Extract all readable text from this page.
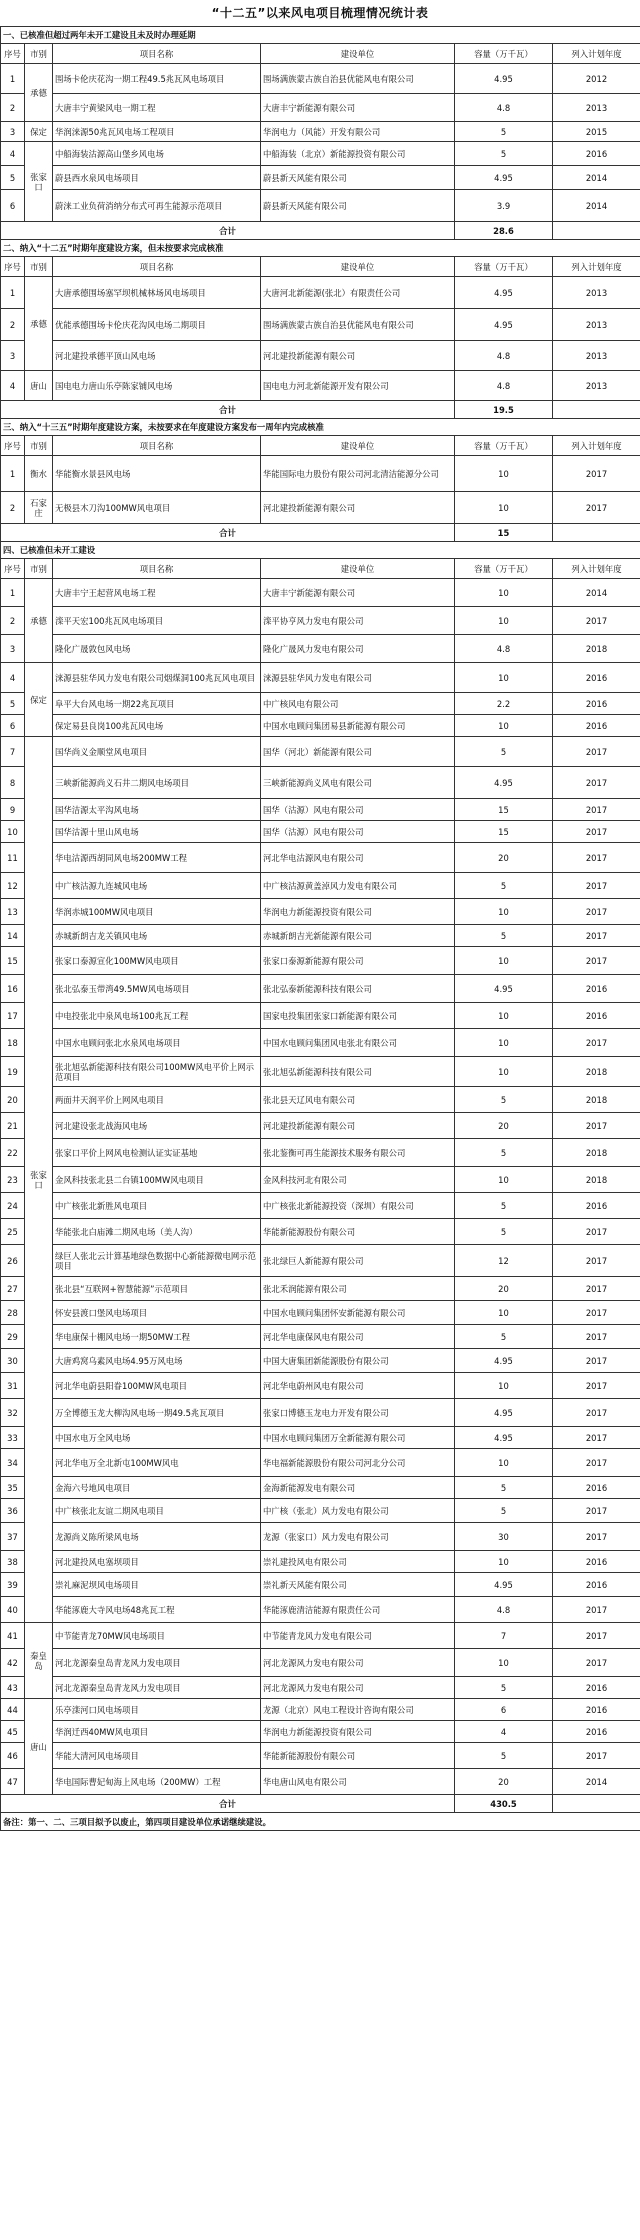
“十二五”以来风电项目梳理情况统计表
一、已核准但超过两年未开工建设且未及时办理延期					
序号	市别	项目名称	建设单位	容量（万千瓦）	列入计划年度
1	承德	围场卡伦庆花沟一期工程49.5兆瓦风电场项目	围场满族蒙古族自治县优能风电有限公司	4.95	2012
2		大唐丰宁黄梁风电一期工程	大唐丰宁新能源有限公司	4.8	2013
3	保定	华润涞源50兆瓦风电场工程项目	华润电力（风能）开发有限公司	5	2015
4	张家口	中船海装沽源高山堡乡风电场	中船海装（北京）新能源投资有限公司	5	2016
5		蔚县西水泉风电场项目	蔚县新天风能有限公司	4.95	2014
6		蔚涞工业负荷消纳分布式可再生能源示范项目	蔚县新天风能有限公司	3.9	2014
合计				28.6	
二、纳入“十二五”时期年度建设方案，但未按要求完成核准					
序号	市别	项目名称	建设单位	容量（万千瓦）	列入计划年度
1	承德	大唐承德围场塞罕坝机械林场风电场项目	大唐河北新能源(张北）有限责任公司	4.95	2013
2		优能承德围场卡伦庆花沟风电场二期项目	围场满族蒙古族自治县优能风电有限公司	4.95	2013
3		河北建投承德平顶山风电场	河北建投新能源有限公司	4.8	2013
4	唐山	国电电力唐山乐亭陈家铺风电场	国电电力河北新能源开发有限公司	4.8	2013
合计				19.5	
三、纳入“十三五”时期年度建设方案，未按要求在年度建设方案发布一周年内完成核准					
序号	市别	项目名称	建设单位	容量（万千瓦）	列入计划年度
1	衡水	华能衡水景县风电场	华能国际电力股份有限公司河北清洁能源分公司	10	2017
2	石家庄	无极县木刀沟100MW风电项目	河北建投新能源有限公司	10	2017
合计				15	
四、已核准但未开工建设					
序号	市别	项目名称	建设单位	容量（万千瓦）	列入计划年度
1	承德	大唐丰宁王起营风电场工程	大唐丰宁新能源有限公司	10	2014
2		滦平天宏100兆瓦风电场项目	滦平协亨风力发电有限公司	10	2017
3		隆化广晟敦包风电场	隆化广晟风力发电有限公司	4.8	2018
4	保定	涞源县驻华风力发电有限公司烟煤洞100兆瓦风电项目	涞源县驻华风力发电有限公司	10	2016
5		阜平大台风电场一期22兆瓦项目	中广核风电有限公司	2.2	2016
6		保定易县良岗100兆瓦风电场	中国水电顾问集团易县新能源有限公司	10	2016
7	张家口	国华尚义金顺堂风电项目	国华（河北）新能源有限公司	5	2017
8		三峡新能源尚义石井二期风电场项目	三峡新能源尚义风电有限公司	4.95	2017
9		国华洁源太平沟风电场	国华（沽源）风电有限公司	15	2017
10		国华沽源十里山风电场	国华（沽源）风电有限公司	15	2017
11		华电沽源西胡同风电场200MW工程	河北华电沽源风电有限公司	20	2017
12		中广核沽源九连城风电场	中广核沽源黄盖淖风力发电有限公司	5	2017
13		华润赤城100MW风电项目	华润电力新能源投资有限公司	10	2017
14		赤城新朗吉龙关镇风电场	赤城新朗吉光新能源有限公司	5	2017
15		张家口泰源宣化100MW风电项目	张家口泰源新能源有限公司	10	2017
16		张北弘泰玉带湾49.5MW风电场项目	张北弘泰新能源科技有限公司	4.95	2016
17		中电投张北中泉风电场100兆瓦工程	国家电投集团张家口新能源有限公司	10	2016
18		中国水电顾问张北水泉风电场项目	中国水电顾问集团风电张北有限公司	10	2017
19		张北旭弘新能源科技有限公司100MW风电平价上网示范项目	张北旭弘新能源科技有限公司	10	2018
20		两面井天润平价上网风电项目	张北县天辽风电有限公司	5	2018
21		河北建设张北战海风电场	河北建投新能源有限公司	20	2017
22		张家口平价上网风电检测认证实证基地	张北鉴衡可再生能源技术服务有限公司	5	2018
23		金风科技张北县二台镇100MW风电项目	金风科技河北有限公司	10	2018
24		中广核张北新胜风电项目	中广核张北新能源投资（深圳）有限公司	5	2016
25		华能张北白庙滩二期风电场（美人沟）	华能新能源股份有限公司	5	2017
26		绿巨人张北云计算基地绿色数据中心新能源微电网示范项目	张北绿巨人新能源有限公司	12	2017
27		张北县“互联网+智慧能源”示范项目	张北禾润能源有限公司	20	2017
28		怀安县渡口堡风电场项目	中国水电顾问集团怀安新能源有限公司	10	2017
29		华电康保十棚风电场一期50MW工程	河北华电康保风电有限公司	5	2017
30		大唐鸡窝乌素风电场4.95万风电场	中国大唐集团新能源股份有限公司	4.95	2017
31		河北华电蔚县阳眷100MW风电项目	河北华电蔚州风电有限公司	10	2017
32		万全博德玉龙大柳沟风电场一期49.5兆瓦项目	张家口博德玉龙电力开发有限公司	4.95	2017
33		中国水电万全风电场	中国水电顾问集团万全新能源有限公司	4.95	2017
34		河北华电万全北新屯100MW风电	华电福新能源股份有限公司河北分公司	10	2017
35		金海六号地风电项目	金海新能源发电有限公司	5	2016
36		中广核张北友谊二期风电项目	中广核（张北）风力发电有限公司	5	2017
37		龙源尚义陈所梁风电场	龙源（张家口）风力发电有限公司	30	2017
38		河北建投风电塞坝项目	崇礼建投风电有限公司	10	2016
39		崇礼麻泥坝风电场项目	崇礼新天风能有限公司	4.95	2016
40		华能涿鹿大寺风电场48兆瓦工程	华能涿鹿清洁能源有限责任公司	4.8	2017
41	秦皇岛	中节能青龙70MW风电场项目	中节能青龙风力发电有限公司	7	2017
42		河北龙源秦皇岛青龙风力发电项目	河北龙源风力发电有限公司	10	2017
43		河北龙源秦皇岛青龙风力发电项目	河北龙源风力发电有限公司	5	2016
44	唐山	乐亭滦河口风电场项目	龙源（北京）风电工程设计咨询有限公司	6	2016
45		华润迁西40MW风电项目	华润电力新能源投资有限公司	4	2016
46		华能大清河风电场项目	华能新能源股份有限公司	5	2017
47		华电国际曹妃甸海上风电场（200MW）工程	华电唐山风电有限公司	20	2014
合计				430.5	
备注：第一、二、三项目拟予以废止，第四项目建设单位承诺继续建设。					
